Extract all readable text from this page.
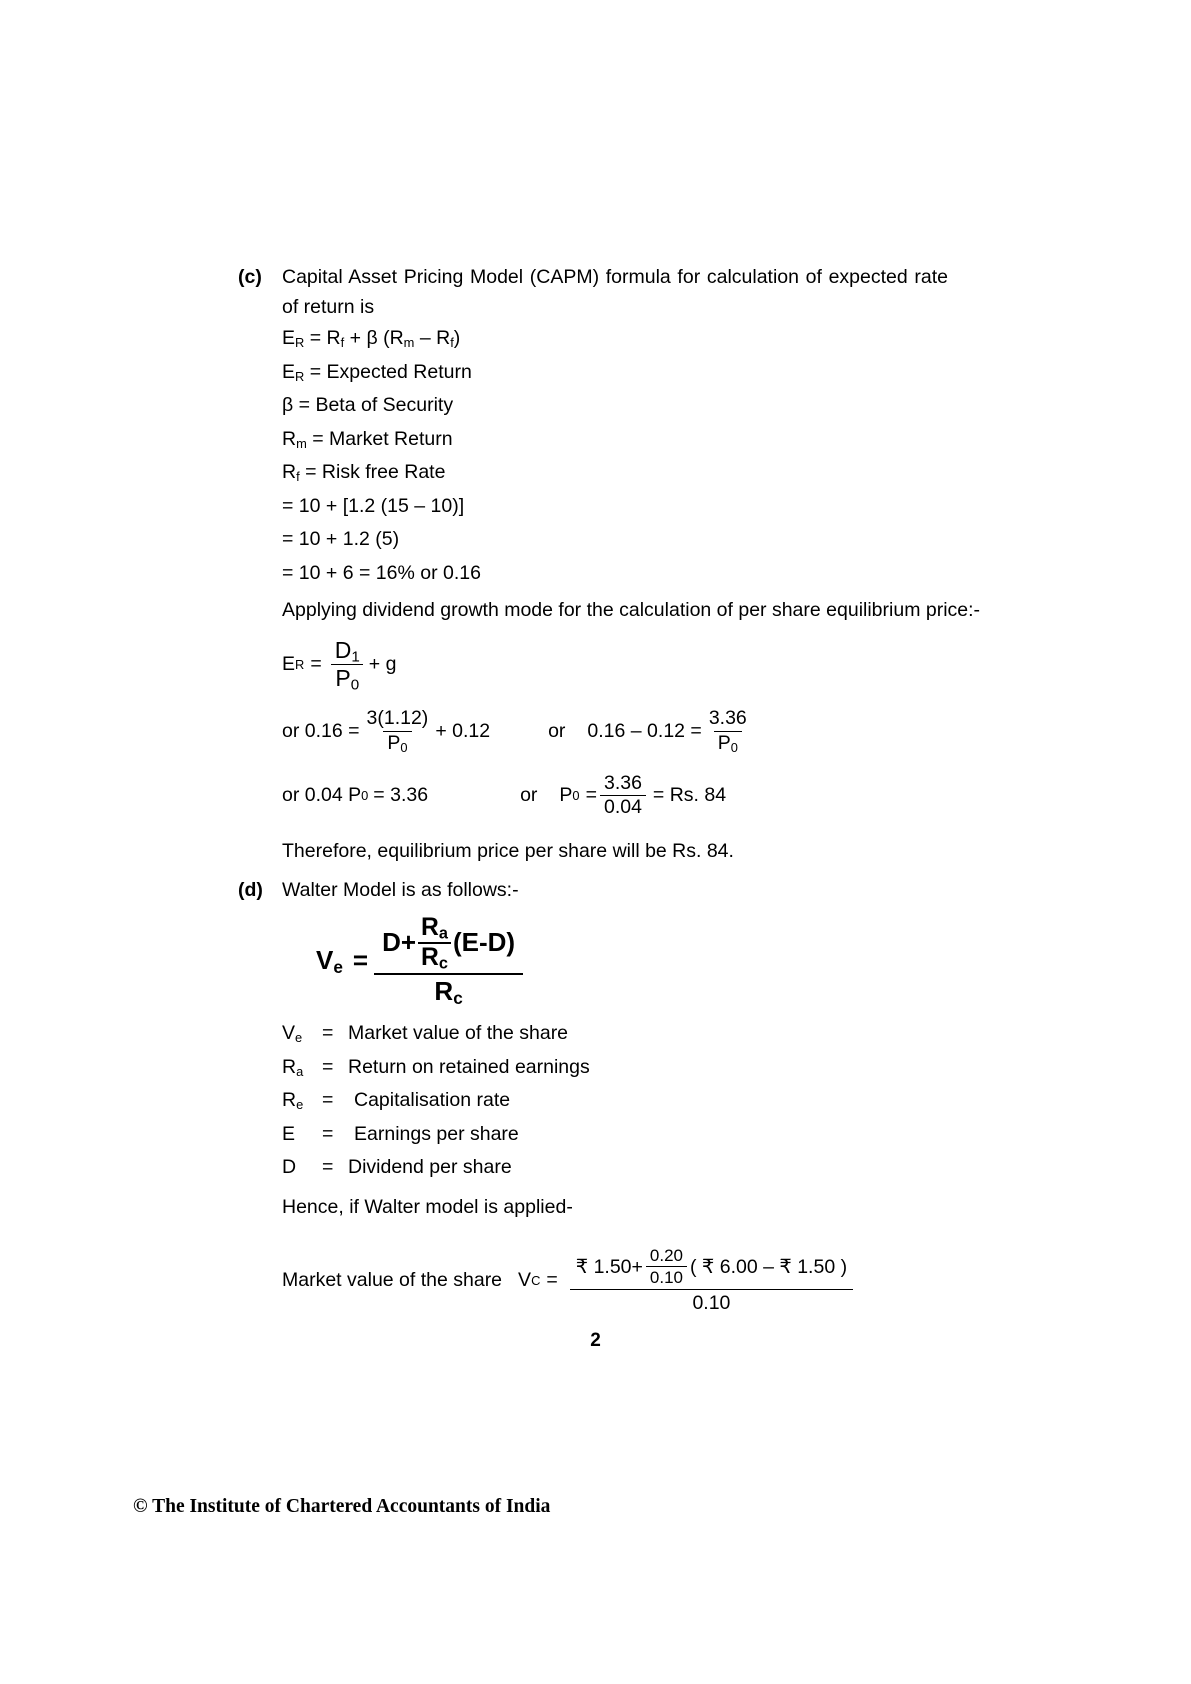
(c)	Capital Asset Pricing Model (CAPM) formula for calculation of expected rate of return is
$E_R = R_f + \beta$ $(R_m - R_f)$
$E_R$ = Expected Return
β = Beta of Security
$R_m$ = Market Return
$R_f$ = Risk free Rate
= 10 + [1.2 (15 – 10)]
= 10 + 1.2 (5)
= 10 + 6 = 16% or 0.16
Applying dividend growth mode for the calculation of per share equilibrium price:-
E $R = \frac{D_1}{P_0} + g$
or $0.16 = \frac{3(1.12)}{P_0} + 0.12$	or $0.16 - 0.12 = \frac{3.36}{P_0}$
or 0.04 P 0 = 3.36	or P $0 = \frac{3.36}{0.04} = Rs$. 84
Therefore, equilibrium price per share will be Rs. 84.
(d) Walter Model is as follows:-
$V_e$ =
$D+ \frac{R_a}{R_c} (E-D)$
$R_c$
$V_e$	= Market value of the share
$R_a$ = Return on retained earnings
$R_e$ =	Capitalisation rate
E	=	Earnings per share
D	= Dividend per share
Hence, if Walter model is applied-
Market value of the share V C =
₹ $1.50+ \frac{0.20}{0.10}$ ( ₹ 6.00 – ₹ 1.50 )
0.10
2
© The Institute of Chartered Accountants of India
